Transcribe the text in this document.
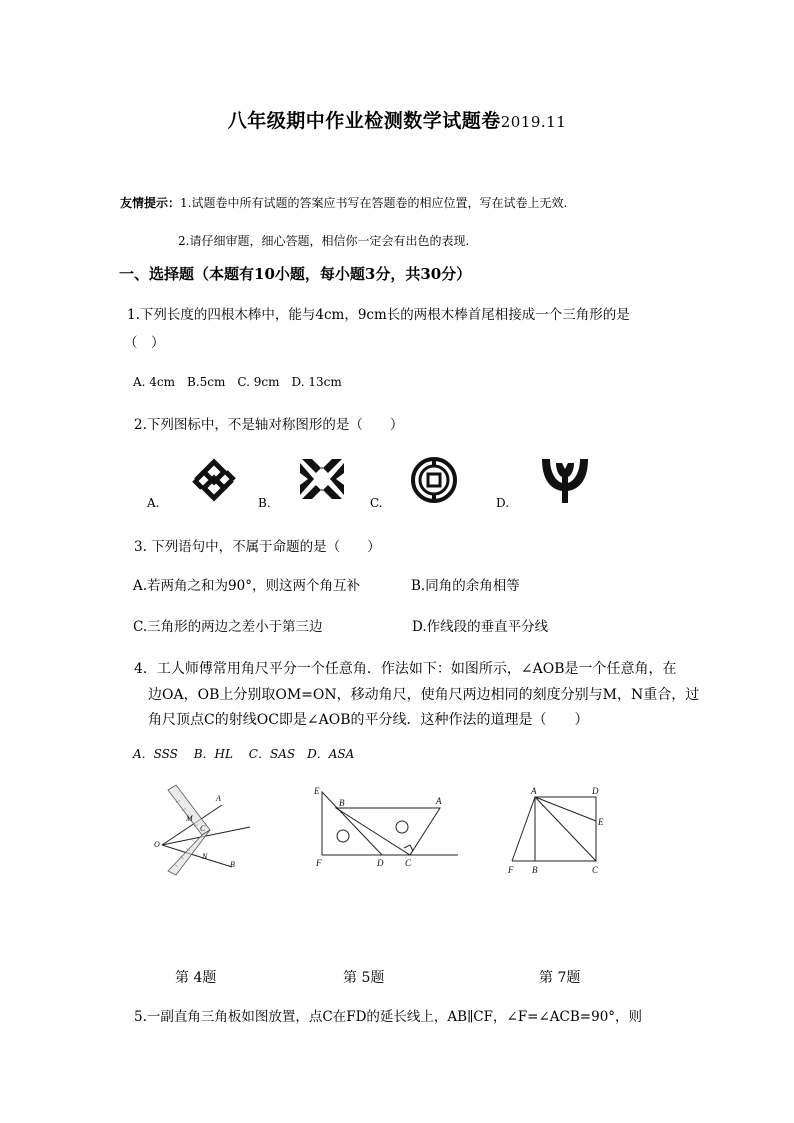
八年级期中作业检测数学试题卷2019.11
友情提示：1.试题卷中所有试题的答案应书写在答题卷的相应位置，写在试卷上无效.
2.请仔细审题，细心答题，相信你一定会有出色的表现.
一、选择题（本题有10小题，每小题3分，共30分）
1.下列长度的四根木棒中，能与4cm，9cm长的两根木棒首尾相接成一个三角形的是
（　）
A. 4cm　B.5cm　C. 9cm　D. 13cm
2.下列图标中，不是轴对称图形的是（　　）
A.	B.	C.	D.
3. 下列语句中，不属于命题的是（　　）
A.若两角之和为90°，则这两个角互补	B.同角的余角相等
C.三角形的两边之差小于第三边	D.作线段的垂直平分线
4．工人师傅常用角尺平分一个任意角．作法如下：如图所示，∠AOB是一个任意角，在
边OA，OB上分别取OM=ON，移动角尺，使角尺两边相同的刻度分别与M，N重合，过
角尺顶点C的射线OC即是∠AOB的平分线．这种作法的道理是（　　）
A．SSS　 B．HL　 C．SAS　D．ASA
A
M
C
O
N
B
E
B	A
F	D C
A	D
E
F B	C
第 4题	第 5题	第 7题
5.一副直角三角板如图放置，点C在FD的延长线上，AB∥CF，∠F=∠ACB=90°，则
